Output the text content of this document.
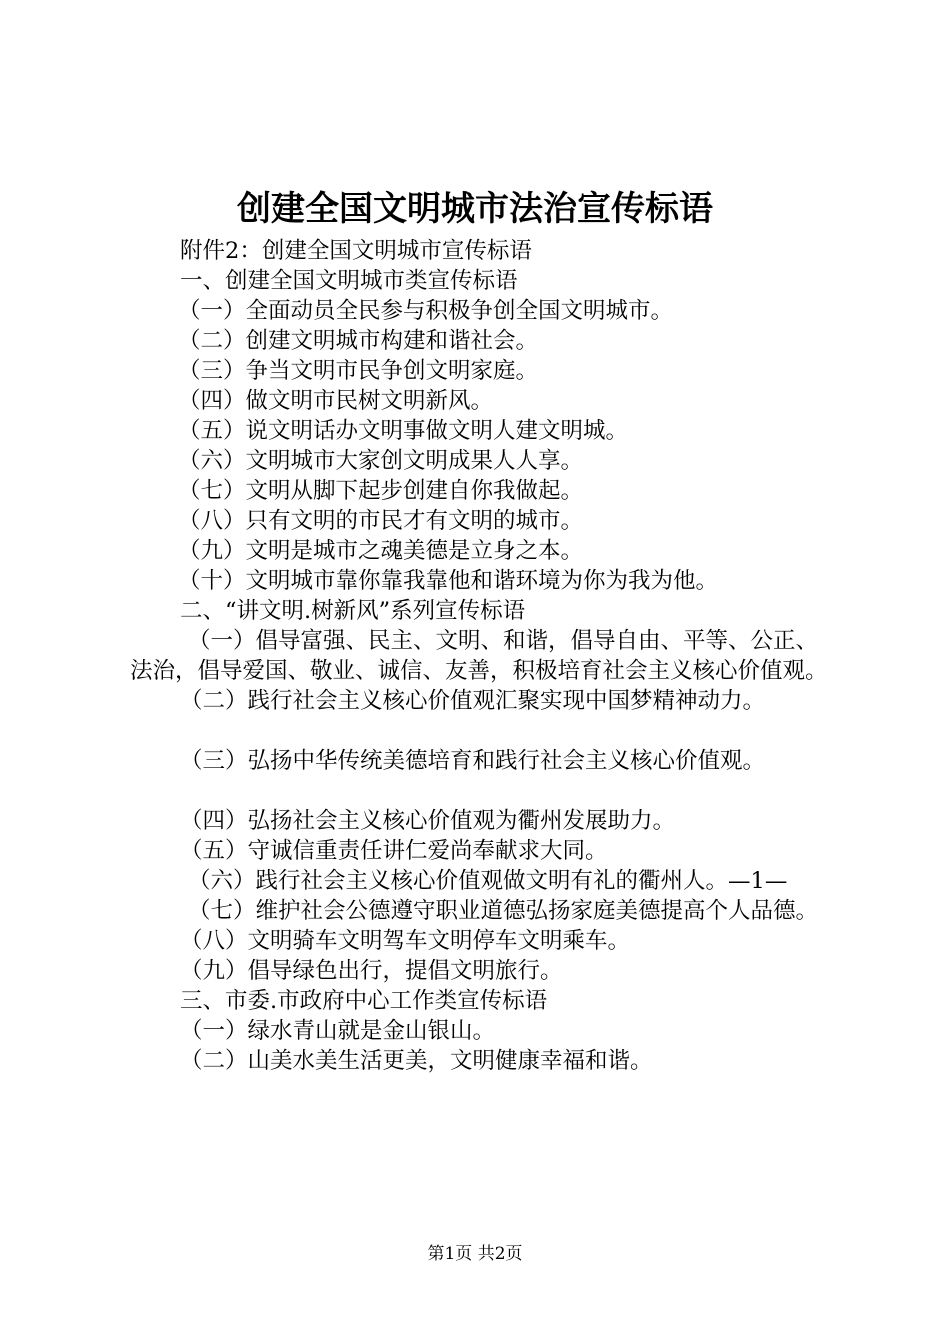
创建全国文明城市法治宣传标语
附件2：创建全国文明城市宣传标语
一、创建全国文明城市类宣传标语
（一）全面动员全民参与积极争创全国文明城市。
（二）创建文明城市构建和谐社会。
（三）争当文明市民争创文明家庭。
（四）做文明市民树文明新风。
（五）说文明话办文明事做文明人建文明城。
（六）文明城市大家创文明成果人人享。
（七）文明从脚下起步创建自你我做起。
（八）只有文明的市民才有文明的城市。
（九）文明是城市之魂美德是立身之本。
（十）文明城市靠你靠我靠他和谐环境为你为我为他。
二、“讲文明.树新风”系列宣传标语
（一）倡导富强、民主、文明、和谐，倡导自由、平等、公正、法治，倡导爱国、敬业、诚信、友善，积极培育社会主义核心价值观。
（二）践行社会主义核心价值观汇聚实现中国梦精神动力。
（三）弘扬中华传统美德培育和践行社会主义核心价值观。
（四）弘扬社会主义核心价值观为衢州发展助力。
（五）守诚信重责任讲仁爱尚奉献求大同。
（六）践行社会主义核心价值观做文明有礼的衢州人。—1—
（七）维护社会公德遵守职业道德弘扬家庭美德提高个人品德。
（八）文明骑车文明驾车文明停车文明乘车。
（九）倡导绿色出行，提倡文明旅行。
三、市委.市政府中心工作类宣传标语
（一）绿水青山就是金山银山。
（二）山美水美生活更美，文明健康幸福和谐。
第1页 共2页
